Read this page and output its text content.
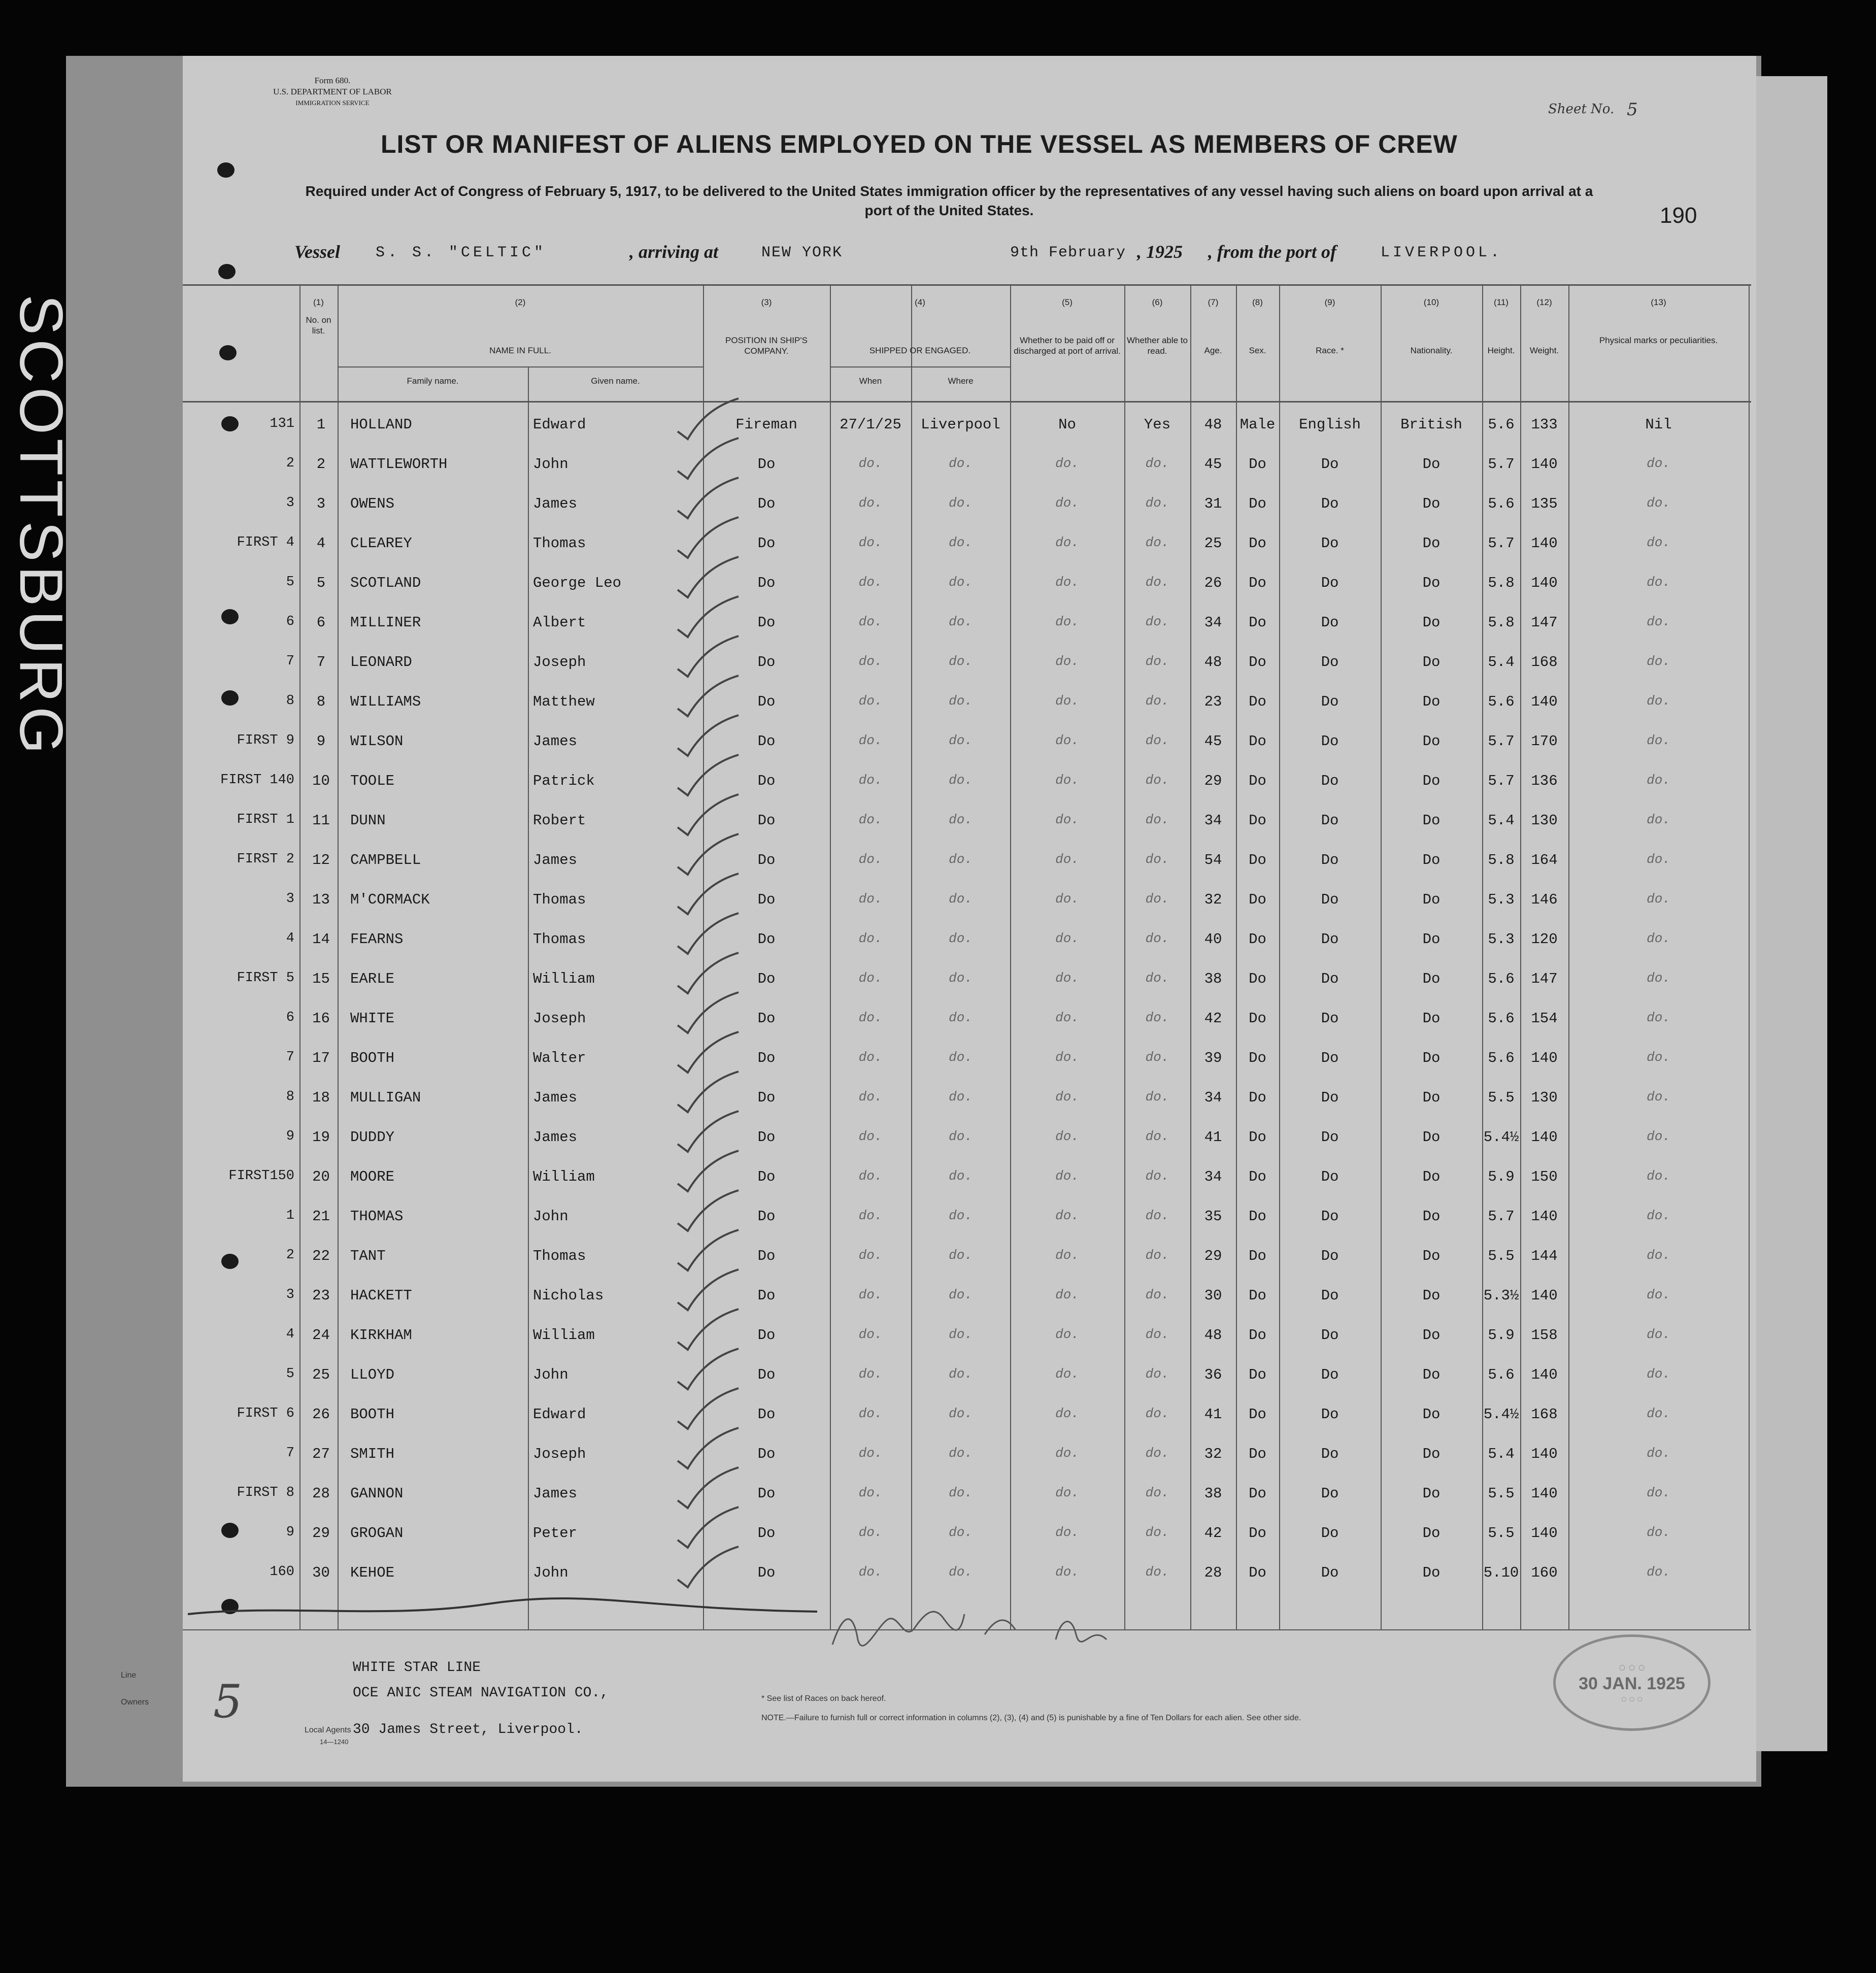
SCOTTSBURG
Form 680.
U.S. DEPARTMENT OF LABOR
IMMIGRATION SERVICE	Sheet No. 5
190
LIST OR MANIFEST OF ALIENS EMPLOYED ON THE VESSEL AS MEMBERS OF CREW
Required under Act of Congress of February 5, 1917, to be delivered to the United States immigration officer by the representatives of any vessel having such aliens on board upon arrival at a port of the United States.
Vessel S. S. "CELTIC"	, arriving at	NEW YORK	9th February , 1925 , from the port of	LIVERPOOL.
(1)
No. on list.
(2)
NAME IN FULL.
(3)
POSITION IN SHIP'S COMPANY.
(4)
SHIPPED OR ENGAGED.
(5)
Whether to be paid off or discharged at port of arrival.
(6)
Whether able to read.
(7)
Age.
(8)
Sex.
(9)
Race. *
(10)
Nationality.
(11)
Height.
(12)
Weight.
(13)
Physical marks or peculiarities.
Family name.	Given name.	When	Where
131	1	HOLLAND	Edward	Fireman	27/1/25	Liverpool	No	Yes	48	Male	English	British	5.6	133	Nil
2	2	WATTLEWORTH	John	Do	do.	do.	do.	do.	45	Do	Do	Do	5.7	140	do.
3	3	OWENS	James	Do	do.	do.	do.	do.	31	Do	Do	Do	5.6	135	do.
FIRST 4	4	CLEAREY	Thomas	Do	do.	do.	do.	do.	25	Do	Do	Do	5.7	140	do.
5	5	SCOTLAND	George Leo	Do	do.	do.	do.	do.	26	Do	Do	Do	5.8	140	do.
6	6	MILLINER	Albert	Do	do.	do.	do.	do.	34	Do	Do	Do	5.8	147	do.
7	7	LEONARD	Joseph	Do	do.	do.	do.	do.	48	Do	Do	Do	5.4	168	do.
8	8	WILLIAMS	Matthew	Do	do.	do.	do.	do.	23	Do	Do	Do	5.6	140	do.
FIRST 9	9	WILSON	James	Do	do.	do.	do.	do.	45	Do	Do	Do	5.7	170	do.
FIRST 140	10	TOOLE	Patrick	Do	do.	do.	do.	do.	29	Do	Do	Do	5.7	136	do.
FIRST 1	11	DUNN	Robert	Do	do.	do.	do.	do.	34	Do	Do	Do	5.4	130	do.
FIRST 2	12	CAMPBELL	James	Do	do.	do.	do.	do.	54	Do	Do	Do	5.8	164	do.
3	13	M'CORMACK	Thomas	Do	do.	do.	do.	do.	32	Do	Do	Do	5.3	146	do.
4	14	FEARNS	Thomas	Do	do.	do.	do.	do.	40	Do	Do	Do	5.3	120	do.
FIRST 5	15	EARLE	William	Do	do.	do.	do.	do.	38	Do	Do	Do	5.6	147	do.
6	16	WHITE	Joseph	Do	do.	do.	do.	do.	42	Do	Do	Do	5.6	154	do.
7	17	BOOTH	Walter	Do	do.	do.	do.	do.	39	Do	Do	Do	5.6	140	do.
8	18	MULLIGAN	James	Do	do.	do.	do.	do.	34	Do	Do	Do	5.5	130	do.
9	19	DUDDY	James	Do	do.	do.	do.	do.	41	Do	Do	Do	5.4½ 140	do.
FIRST150	20	MOORE	William	Do	do.	do.	do.	do.	34	Do	Do	Do	5.9	150	do.
1	21	THOMAS	John	Do	do.	do.	do.	do.	35	Do	Do	Do	5.7	140	do.
2	22	TANT	Thomas	Do	do.	do.	do.	do.	29	Do	Do	Do	5.5	144	do.
3	23	HACKETT	Nicholas	Do	do.	do.	do.	do.	30	Do	Do	Do	5.3½ 140	do.
4	24	KIRKHAM	William	Do	do.	do.	do.	do.	48	Do	Do	Do	5.9	158	do.
5	25	LLOYD	John	Do	do.	do.	do.	do.	36	Do	Do	Do	5.6	140	do.
FIRST 6	26	BOOTH	Edward	Do	do.	do.	do.	do.	41	Do	Do	Do	5.4½ 168	do.
7	27	SMITH	Joseph	Do	do.	do.	do.	do.	32	Do	Do	Do	5.4	140	do.
FIRST 8	28	GANNON	James	Do	do.	do.	do.	do.	38	Do	Do	Do	5.5	140	do.
9	29	GROGAN	Peter	Do	do.	do.	do.	do.	42	Do	Do	Do	5.5	140	do.
160	30	KEHOE	John	Do	do.	do.	do.	do.	28	Do	Do	Do	5.10 160	do.
Line	WHITE STAR LINE
Owners
OCE ANIC STEAM NAVIGATION CO.,
Local Agents 30 James Street, Liverpool.
14—1240
* See list of Races on back hereof.
NOTE.—Failure to furnish full or correct information in columns (2), (3), (4) and (5) is punishable by a fine of Ten Dollars for each alien. See other side.
5
◌ ◌ ◌
30 JAN. 1925
◌ ◌ ◌
